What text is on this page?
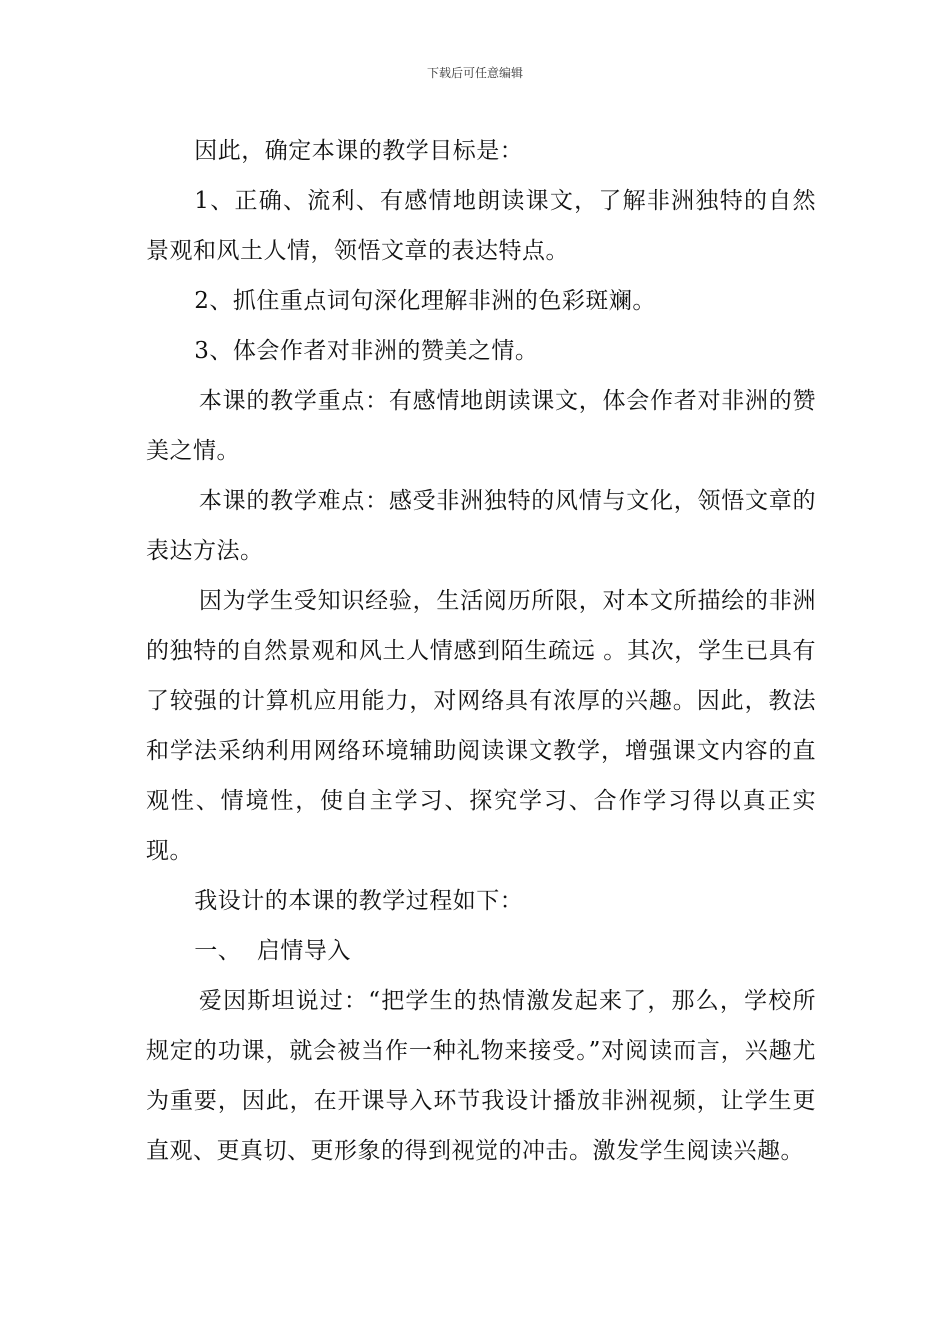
下载后可任意编辑

因此，确定本课的教学目标是：

1、正确、流利、有感情地朗读课文，了解非洲独特的自然景观和风土人情，领悟文章的表达特点。

2、抓住重点词句深化理解非洲的色彩斑斓。

3、体会作者对非洲的赞美之情。

本课的教学重点：有感情地朗读课文，体会作者对非洲的赞美之情。

本课的教学难点：感受非洲独特的风情与文化，领悟文章的表达方法。

因为学生受知识经验，生活阅历所限，对本文所描绘的非洲的独特的自然景观和风土人情感到陌生疏远 。其次，学生已具有了较强的计算机应用能力，对网络具有浓厚的兴趣。因此，教法和学法采纳利用网络环境辅助阅读课文教学，增强课文内容的直观性、情境性，使自主学习、探究学习、合作学习得以真正实现。

我设计的本课的教学过程如下：

一、  启情导入

爱因斯坦说过：“把学生的热情激发起来了，那么，学校所规定的功课，就会被当作一种礼物来接受。”对阅读而言，兴趣尤为重要，因此，在开课导入环节我设计播放非洲视频，让学生更直观、更真切、更形象的得到视觉的冲击。激发学生阅读兴趣。
